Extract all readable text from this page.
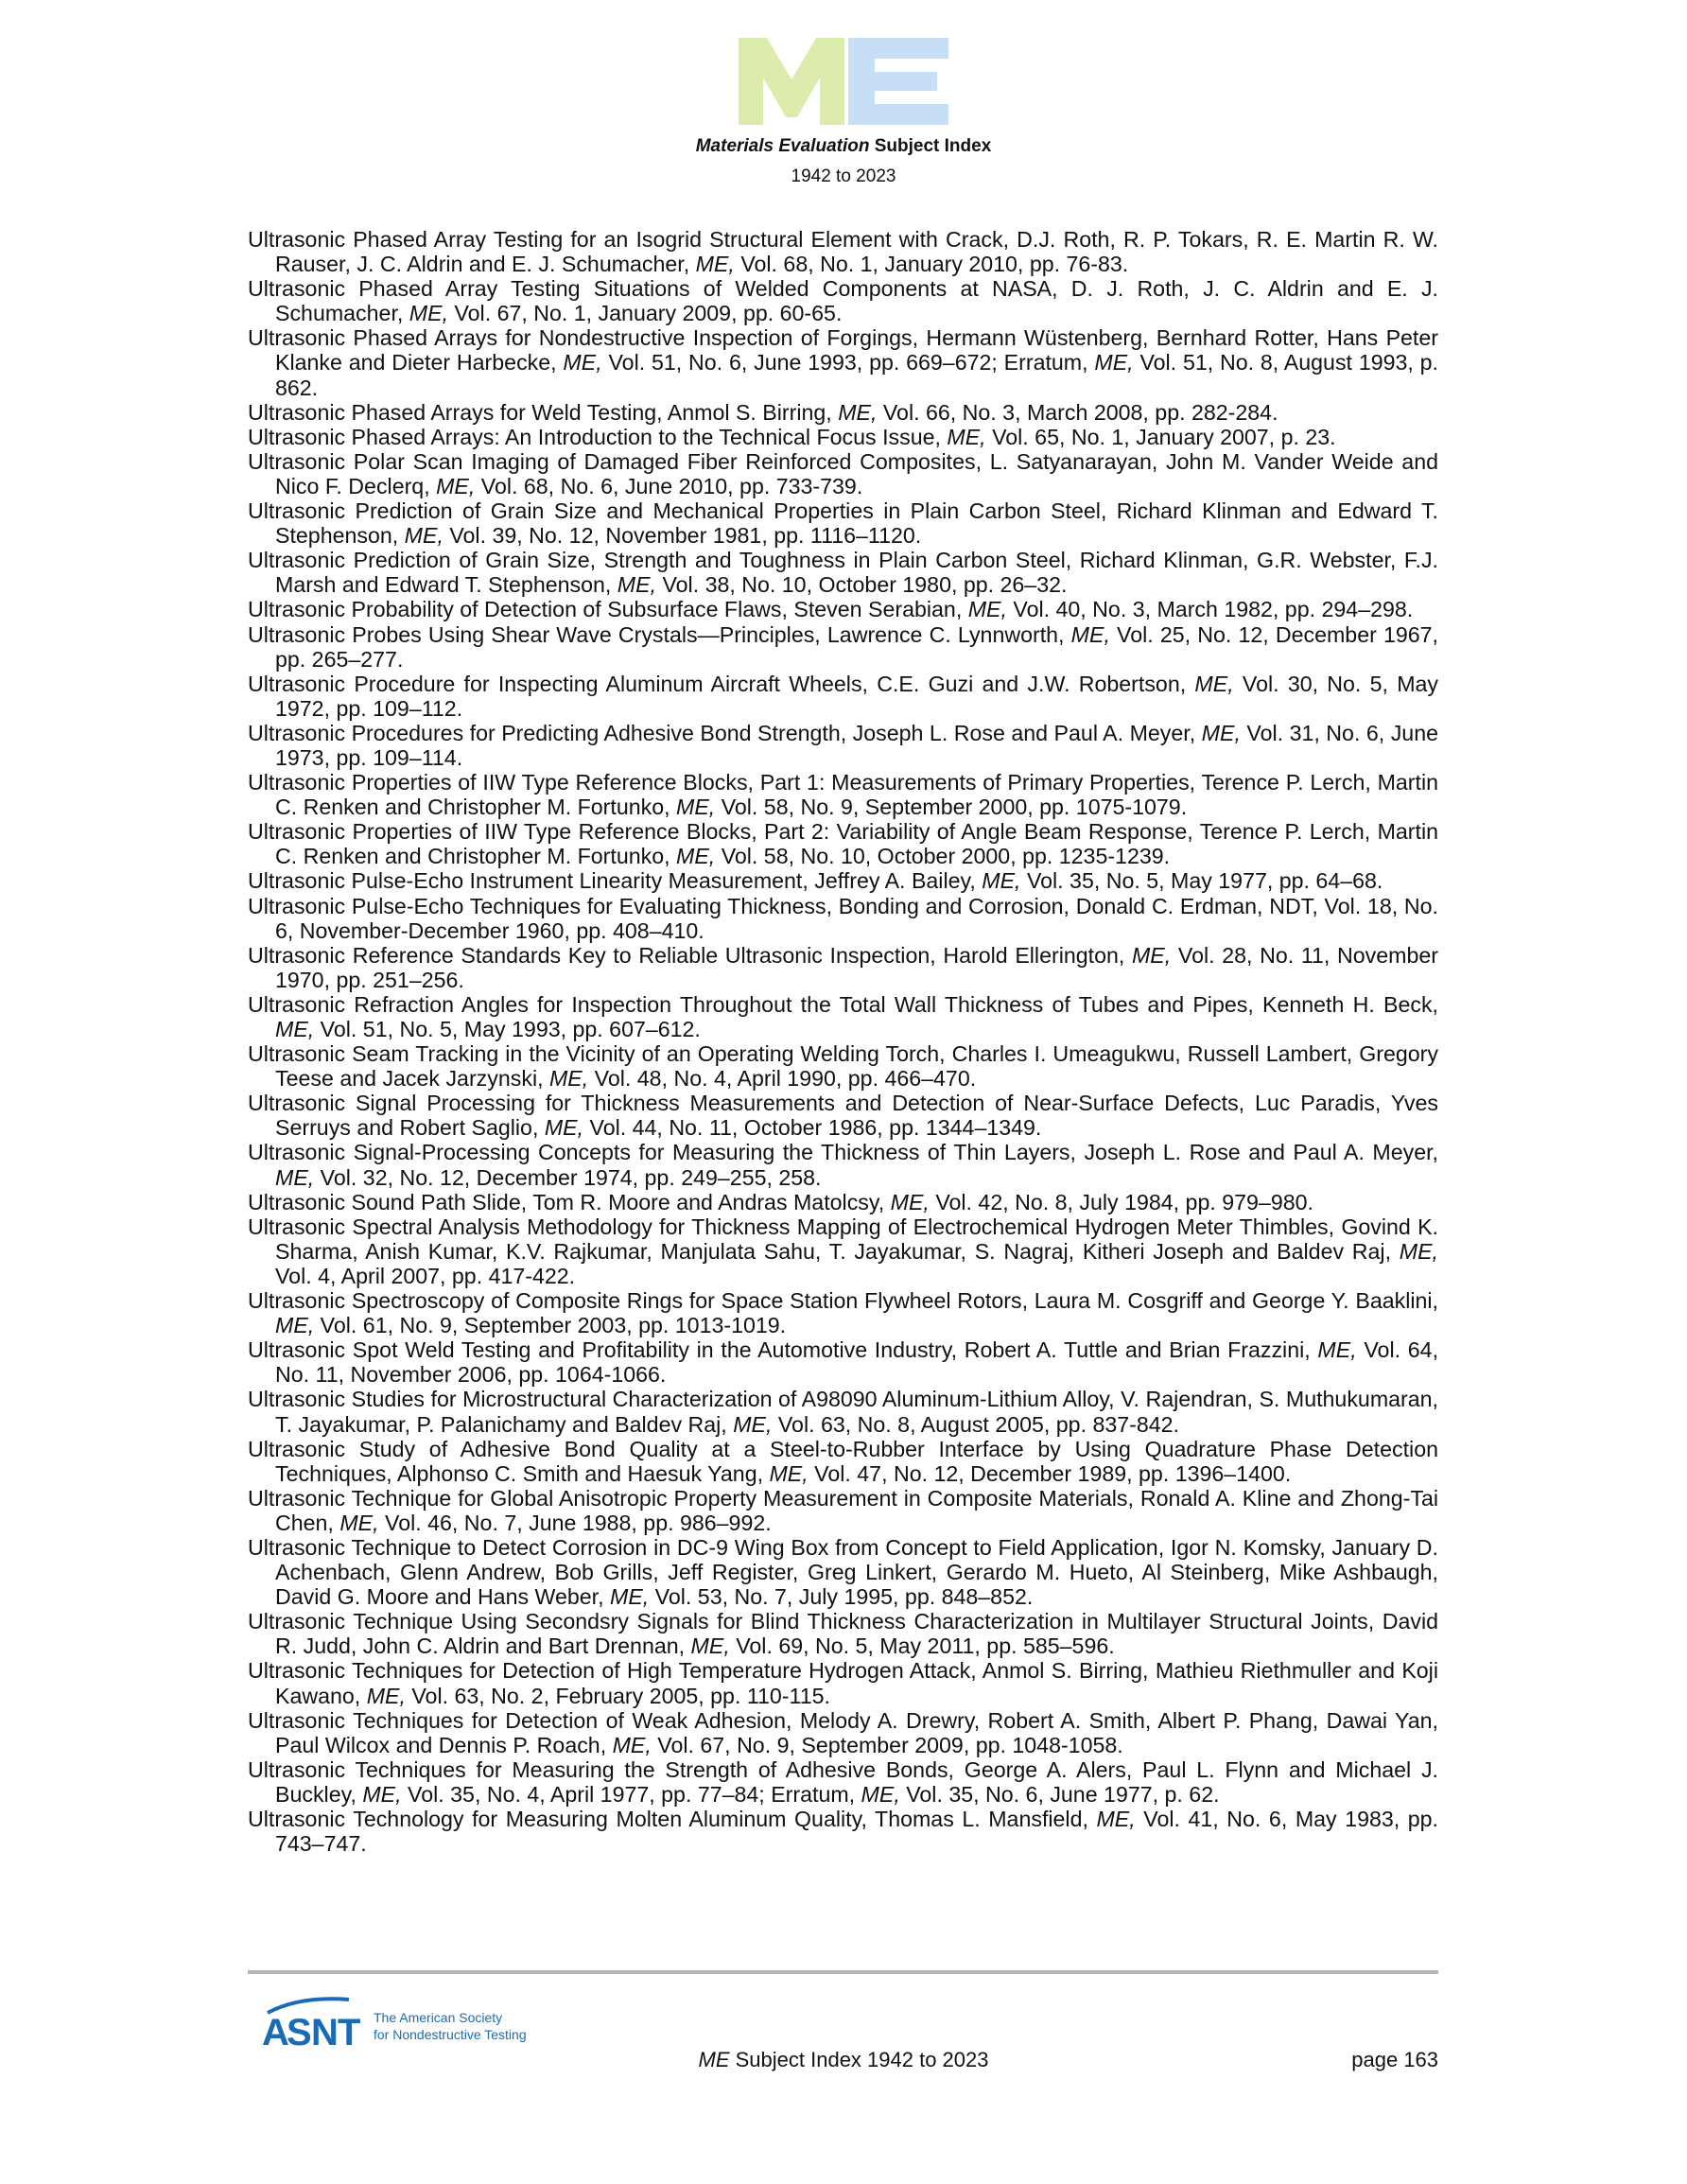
Materials Evaluation Subject Index
1942 to 2023
Ultrasonic Phased Array Testing for an Isogrid Structural Element with Crack, D.J. Roth, R. P. Tokars, R. E. Martin R. W. Rauser, J. C. Aldrin and E. J. Schumacher, ME, Vol. 68, No. 1, January 2010, pp. 76-83.
Ultrasonic Phased Array Testing Situations of Welded Components at NASA, D. J. Roth, J. C. Aldrin and E. J. Schumacher, ME, Vol. 67, No. 1, January 2009, pp. 60-65.
Ultrasonic Phased Arrays for Nondestructive Inspection of Forgings, Hermann Wüstenberg, Bernhard Rotter, Hans Peter Klanke and Dieter Harbecke, ME, Vol. 51, No. 6, June 1993, pp. 669–672; Erratum, ME, Vol. 51, No. 8, August 1993, p. 862.
Ultrasonic Phased Arrays for Weld Testing, Anmol S. Birring, ME, Vol. 66, No. 3, March 2008, pp. 282-284.
Ultrasonic Phased Arrays: An Introduction to the Technical Focus Issue, ME, Vol. 65, No. 1, January 2007, p. 23.
Ultrasonic Polar Scan Imaging of Damaged Fiber Reinforced Composites, L. Satyanarayan, John M. Vander Weide and Nico F. Declerq, ME, Vol. 68, No. 6, June 2010, pp. 733-739.
Ultrasonic Prediction of Grain Size and Mechanical Properties in Plain Carbon Steel, Richard Klinman and Edward T. Stephenson, ME, Vol. 39, No. 12, November 1981, pp. 1116–1120.
Ultrasonic Prediction of Grain Size, Strength and Toughness in Plain Carbon Steel, Richard Klinman, G.R. Webster, F.J. Marsh and Edward T. Stephenson, ME, Vol. 38, No. 10, October 1980, pp. 26–32.
Ultrasonic Probability of Detection of Subsurface Flaws, Steven Serabian, ME, Vol. 40, No. 3, March 1982, pp. 294–298.
Ultrasonic Probes Using Shear Wave Crystals—Principles, Lawrence C. Lynnworth, ME, Vol. 25, No. 12, December 1967, pp. 265–277.
Ultrasonic Procedure for Inspecting Aluminum Aircraft Wheels, C.E. Guzi and J.W. Robertson, ME, Vol. 30, No. 5, May 1972, pp. 109–112.
Ultrasonic Procedures for Predicting Adhesive Bond Strength, Joseph L. Rose and Paul A. Meyer, ME, Vol. 31, No. 6, June 1973, pp. 109–114.
Ultrasonic Properties of IIW Type Reference Blocks, Part 1: Measurements of Primary Properties, Terence P. Lerch, Martin C. Renken and Christopher M. Fortunko, ME, Vol. 58, No. 9, September 2000, pp. 1075-1079.
Ultrasonic Properties of IIW Type Reference Blocks, Part 2: Variability of Angle Beam Response, Terence P. Lerch, Martin C. Renken and Christopher M. Fortunko, ME, Vol. 58, No. 10, October 2000, pp. 1235-1239.
Ultrasonic Pulse-Echo Instrument Linearity Measurement, Jeffrey A. Bailey, ME, Vol. 35, No. 5, May 1977, pp. 64–68.
Ultrasonic Pulse-Echo Techniques for Evaluating Thickness, Bonding and Corrosion, Donald C. Erdman, NDT, Vol. 18, No. 6, November-December 1960, pp. 408–410.
Ultrasonic Reference Standards Key to Reliable Ultrasonic Inspection, Harold Ellerington, ME, Vol. 28, No. 11, November 1970, pp. 251–256.
Ultrasonic Refraction Angles for Inspection Throughout the Total Wall Thickness of Tubes and Pipes, Kenneth H. Beck, ME, Vol. 51, No. 5, May 1993, pp. 607–612.
Ultrasonic Seam Tracking in the Vicinity of an Operating Welding Torch, Charles I. Umeagukwu, Russell Lambert, Gregory Teese and Jacek Jarzynski, ME, Vol. 48, No. 4, April 1990, pp. 466–470.
Ultrasonic Signal Processing for Thickness Measurements and Detection of Near-Surface Defects, Luc Paradis, Yves Serruys and Robert Saglio, ME, Vol. 44, No. 11, October 1986, pp. 1344–1349.
Ultrasonic Signal-Processing Concepts for Measuring the Thickness of Thin Layers, Joseph L. Rose and Paul A. Meyer, ME, Vol. 32, No. 12, December 1974, pp. 249–255, 258.
Ultrasonic Sound Path Slide, Tom R. Moore and Andras Matolcsy, ME, Vol. 42, No. 8, July 1984, pp. 979–980.
Ultrasonic Spectral Analysis Methodology for Thickness Mapping of Electrochemical Hydrogen Meter Thimbles, Govind K. Sharma, Anish Kumar, K.V. Rajkumar, Manjulata Sahu, T. Jayakumar, S. Nagraj, Kitheri Joseph and Baldev Raj, ME, Vol. 4, April 2007, pp. 417-422.
Ultrasonic Spectroscopy of Composite Rings for Space Station Flywheel Rotors, Laura M. Cosgriff and George Y. Baaklini, ME, Vol. 61, No. 9, September 2003, pp. 1013-1019.
Ultrasonic Spot Weld Testing and Profitability in the Automotive Industry, Robert A. Tuttle and Brian Frazzini, ME, Vol. 64, No. 11, November 2006, pp. 1064-1066.
Ultrasonic Studies for Microstructural Characterization of A98090 Aluminum-Lithium Alloy, V. Rajendran, S. Muthukumaran, T. Jayakumar, P. Palanichamy and Baldev Raj, ME, Vol. 63, No. 8, August 2005, pp. 837-842.
Ultrasonic Study of Adhesive Bond Quality at a Steel-to-Rubber Interface by Using Quadrature Phase Detection Techniques, Alphonso C. Smith and Haesuk Yang, ME, Vol. 47, No. 12, December 1989, pp. 1396–1400.
Ultrasonic Technique for Global Anisotropic Property Measurement in Composite Materials, Ronald A. Kline and Zhong-Tai Chen, ME, Vol. 46, No. 7, June 1988, pp. 986–992.
Ultrasonic Technique to Detect Corrosion in DC-9 Wing Box from Concept to Field Application, Igor N. Komsky, January D. Achenbach, Glenn Andrew, Bob Grills, Jeff Register, Greg Linkert, Gerardo M. Hueto, Al Steinberg, Mike Ashbaugh, David G. Moore and Hans Weber, ME, Vol. 53, No. 7, July 1995, pp. 848–852.
Ultrasonic Technique Using Secondsry Signals for Blind Thickness Characterization in Multilayer Structural Joints, David R. Judd, John C. Aldrin and Bart Drennan, ME, Vol. 69, No. 5, May 2011, pp. 585–596.
Ultrasonic Techniques for Detection of High Temperature Hydrogen Attack, Anmol S. Birring, Mathieu Riethmuller and Koji Kawano, ME, Vol. 63, No. 2, February 2005, pp. 110-115.
Ultrasonic Techniques for Detection of Weak Adhesion, Melody A. Drewry, Robert A. Smith, Albert P. Phang, Dawai Yan, Paul Wilcox and Dennis P. Roach, ME, Vol. 67, No. 9, September 2009, pp. 1048-1058.
Ultrasonic Techniques for Measuring the Strength of Adhesive Bonds, George A. Alers, Paul L. Flynn and Michael J. Buckley, ME, Vol. 35, No. 4, April 1977, pp. 77–84; Erratum, ME, Vol. 35, No. 6, June 1977, p. 62.
Ultrasonic Technology for Measuring Molten Aluminum Quality, Thomas L. Mansfield, ME, Vol. 41, No. 6, May 1983, pp. 743–747.
A
S N T The American Society
for Nondestructive Testing
ME Subject Index 1942 to 2023	page 163
